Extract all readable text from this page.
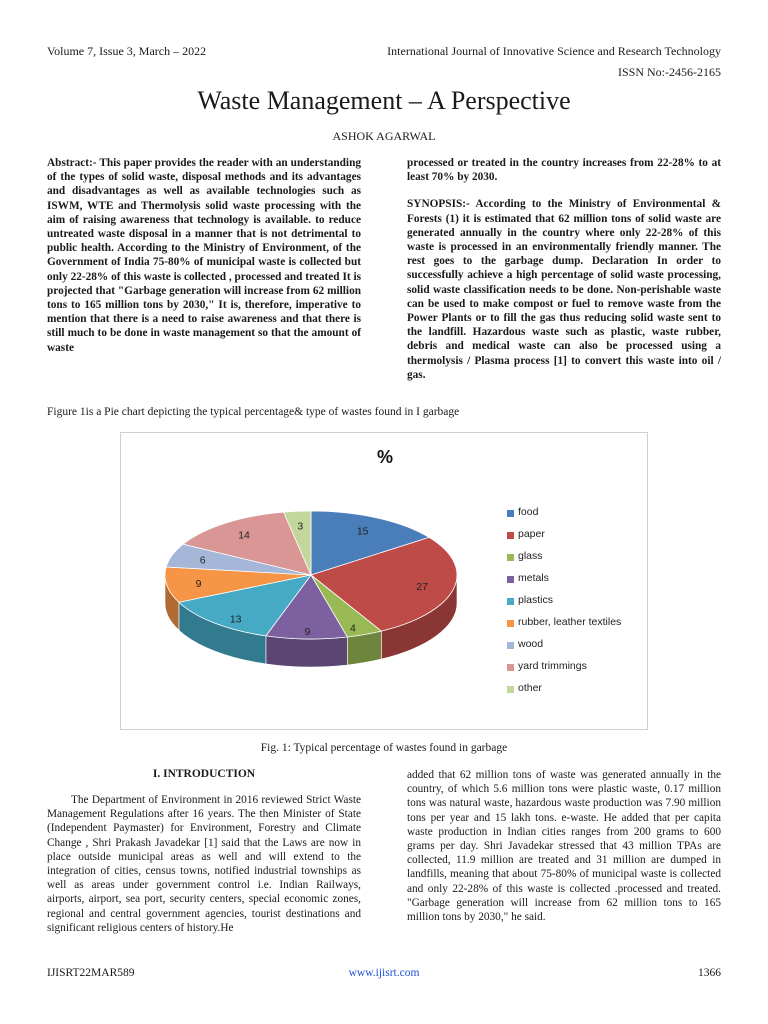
Volume 7, Issue 3, March – 2022	International Journal of Innovative Science and Research Technology
ISSN No:-2456-2165
Waste Management – A Perspective
ASHOK AGARWAL

Abstract:- This paper provides the reader with an understanding of the types of solid waste, disposal methods and its advantages and disadvantages as well as available technologies such as ISWM, WTE and Thermolysis solid waste processing with the aim of raising awareness that technology is available. to reduce untreated waste disposal in a manner that is not detrimental to public health. According to the Ministry of Environment, of the Government of India 75-80% of municipal waste is collected but only 22-28% of this waste is collected , processed and treated It is projected that "Garbage generation will increase from 62 million tons to 165 million tons by 2030," It is, therefore, imperative to mention that there is a need to raise awareness and that there is still much to be done in waste management so that the amount of waste

processed or treated in the country increases from 22-28% to at least 70% by 2030.

SYNOPSIS:- According to the Ministry of Environmental & Forests (1) it is estimated that 62 million tons of solid waste are generated annually in the country where only 22-28% of this waste is processed in an environmentally friendly manner. The rest goes to the garbage dump. Declaration In order to successfully achieve a high percentage of solid waste processing, solid waste classification needs to be done. Non-perishable waste can be used to make compost or fuel to remove waste from the Power Plants or to fill the gas thus reducing solid waste sent to the landfill. Hazardous waste such as plastic, waste rubber, debris and medical waste can also be processed using a thermolysis / Plasma process [1] to convert this waste into oil / gas.

Figure 1is a Pie chart depicting the typical percentage& type of wastes found in I garbage
%
15
27
4
9
13
9
6
14
3
food
paper
glass
metals
plastics
rubber, leather textiles
wood
yard trimmings
other
Fig. 1: Typical percentage of wastes found in garbage
I. INTRODUCTION

The Department of Environment in 2016 reviewed Strict Waste Management Regulations after 16 years. The then Minister of State (Independent Paymaster) for Environment, Forestry and Climate Change , Shri Prakash Javadekar [1] said that the Laws are now in place outside municipal areas as well and will extend to the integration of cities, census towns, notified industrial townships as well as areas under government control i.e. Indian Railways, airports, airport, sea port, security centers, special economic zones, regional and central government agencies, tourist destinations and significant religious centers of history.He

added that 62 million tons of waste was generated annually in the country, of which 5.6 million tons were plastic waste, 0.17 million tons was natural waste, hazardous waste production was 7.90 million tons per year and 15 lakh tons. e-waste. He added that per capita waste production in Indian cities ranges from 200 grams to 600 grams per day. Shri Javadekar stressed that 43 million TPAs are collected, 11.9 million are treated and 31 million are dumped in landfills, meaning that about 75-80% of municipal waste is collected and only 22-28% of this waste is collected .processed and treated. "Garbage generation will increase from 62 million tons to 165 million tons by 2030," he said.

IJISRT22MAR589	www.ijisrt.com	1366
